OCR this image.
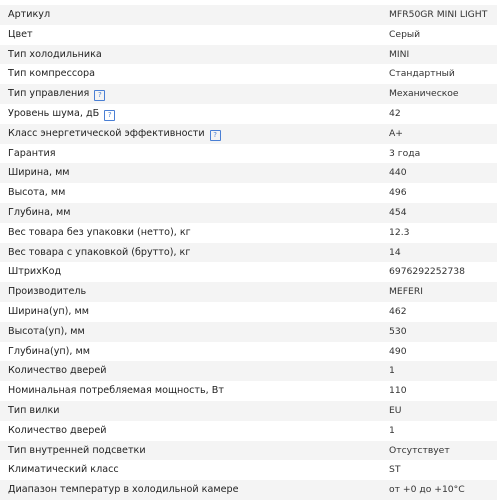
Артикул	MFR50GR MINI LIGHT
Цвет	Серый
Тип холодильника	MINI
Тип компрессора	Стандартный
Тип управления ?	Механическое
Уровень шума, дБ ?	42
Класс энергетической эффективности ?	A+
Гарантия	3 года
Ширина, мм	440
Высота, мм	496
Глубина, мм	454
Вес товара без упаковки (нетто), кг	12.3
Вес товара с упаковкой (брутто), кг	14
ШтрихКод	6976292252738
Производитель	MEFERI
Ширина(уп), мм	462
Высота(уп), мм	530
Глубина(уп), мм	490
Количество дверей	1
Номинальная потребляемая мощность, Вт	110
Тип вилки	EU
Количество дверей	1
Тип внутренней подсветки	Отсутствует
Климатический класс	ST
Диапазон температур в холодильной камере	от +0 до +10°C
